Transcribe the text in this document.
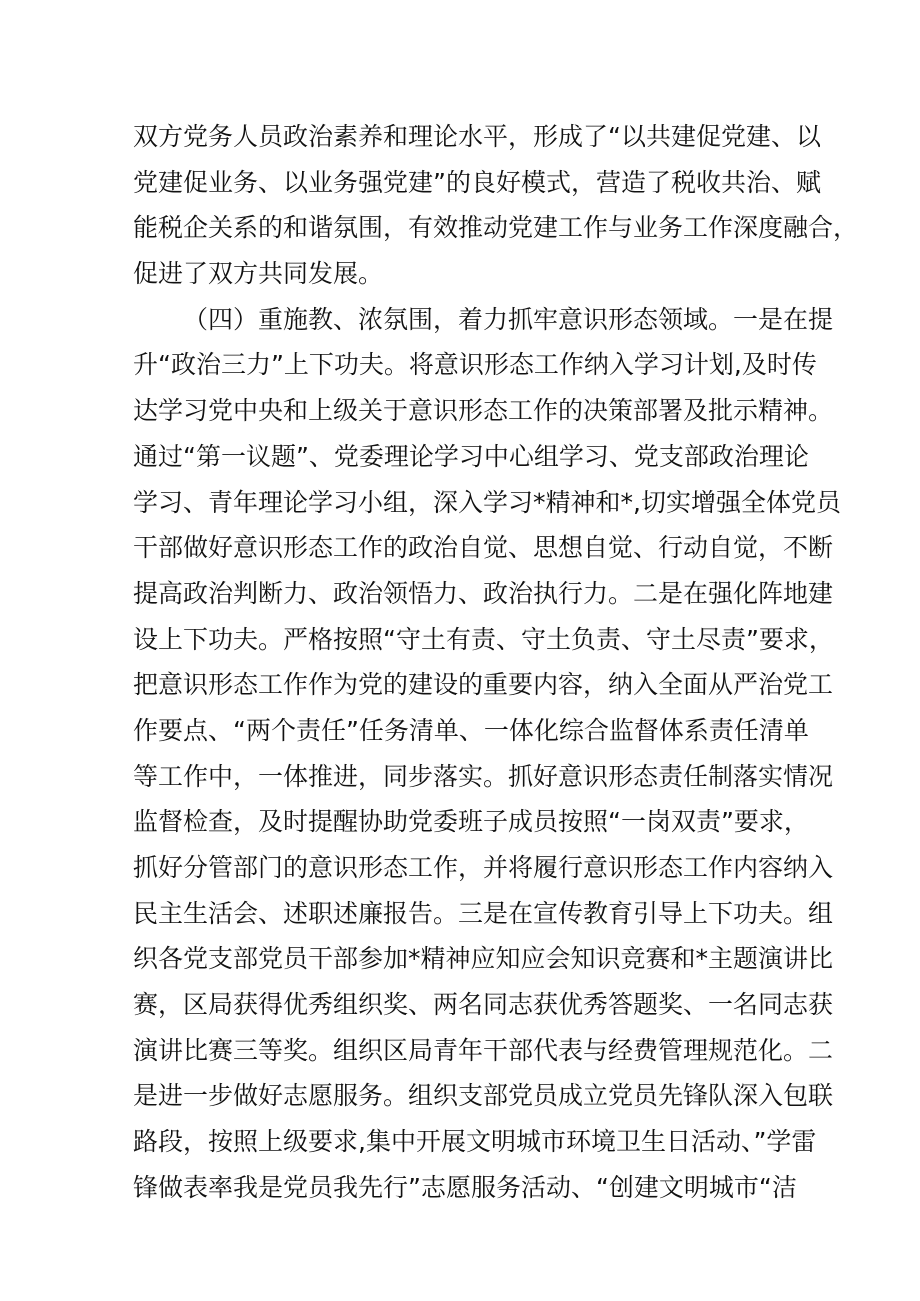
双方党务人员政治素养和理论水平，形成了“以共建促党建、以
党建促业务、以业务强党建”的良好模式，营造了税收共治、赋
能税企关系的和谐氛围，有效推动党建工作与业务工作深度融合，
促进了双方共同发展。
（四）重施教、浓氛围，着力抓牢意识形态领域。一是在提
升“政治三力”上下功夫。将意识形态工作纳入学习计划,及时传
达学习党中央和上级关于意识形态工作的决策部署及批示精神。
通过“第一议题”、党委理论学习中心组学习、党支部政治理论
学习、青年理论学习小组，深入学习*精神和*,切实增强全体党员
干部做好意识形态工作的政治自觉、思想自觉、行动自觉，不断
提高政治判断力、政治领悟力、政治执行力。二是在强化阵地建
设上下功夫。严格按照“守土有责、守土负责、守土尽责”要求，
把意识形态工作作为党的建设的重要内容，纳入全面从严治党工
作要点、“两个责任”任务清单、一体化综合监督体系责任清单
等工作中，一体推进，同步落实。抓好意识形态责任制落实情况
监督检查，及时提醒协助党委班子成员按照“一岗双责”要求，
抓好分管部门的意识形态工作，并将履行意识形态工作内容纳入
民主生活会、述职述廉报告。三是在宣传教育引导上下功夫。组
织各党支部党员干部参加*精神应知应会知识竞赛和*主题演讲比
赛，区局获得优秀组织奖、两名同志获优秀答题奖、一名同志获
演讲比赛三等奖。组织区局青年干部代表与经费管理规范化。二
是进一步做好志愿服务。组织支部党员成立党员先锋队深入包联
路段，按照上级要求,集中开展文明城市环境卫生日活动、”学雷
锋做表率我是党员我先行”志愿服务活动、“创建文明城市“洁
